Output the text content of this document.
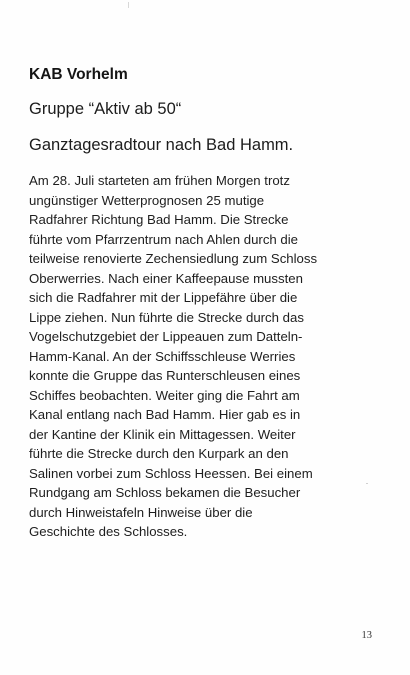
KAB Vorhelm
Gruppe “Aktiv ab 50“
Ganztagesradtour nach Bad Hamm.
Am 28. Juli starteten am frühen Morgen trotz
ungünstiger Wetterprognosen 25 mutige
Radfahrer Richtung Bad Hamm. Die Strecke
führte vom Pfarrzentrum nach Ahlen durch die
teilweise renovierte Zechensiedlung zum Schloss
Oberwerries. Nach einer Kaffeepause mussten
sich die Radfahrer mit der Lippefähre über die
Lippe ziehen. Nun führte die Strecke durch das
Vogelschutzgebiet der Lippeauen zum Datteln-
Hamm-Kanal. An der Schiffsschleuse Werries
konnte die Gruppe das Runterschleusen eines
Schiffes beobachten. Weiter ging die Fahrt am
Kanal entlang nach Bad Hamm. Hier gab es in
der Kantine der Klinik ein Mittagessen. Weiter
führte die Strecke durch den Kurpark an den
Salinen vorbei zum Schloss Heessen. Bei einem
Rundgang am Schloss bekamen die Besucher
durch Hinweistafeln Hinweise über die
Geschichte des Schlosses.
13
